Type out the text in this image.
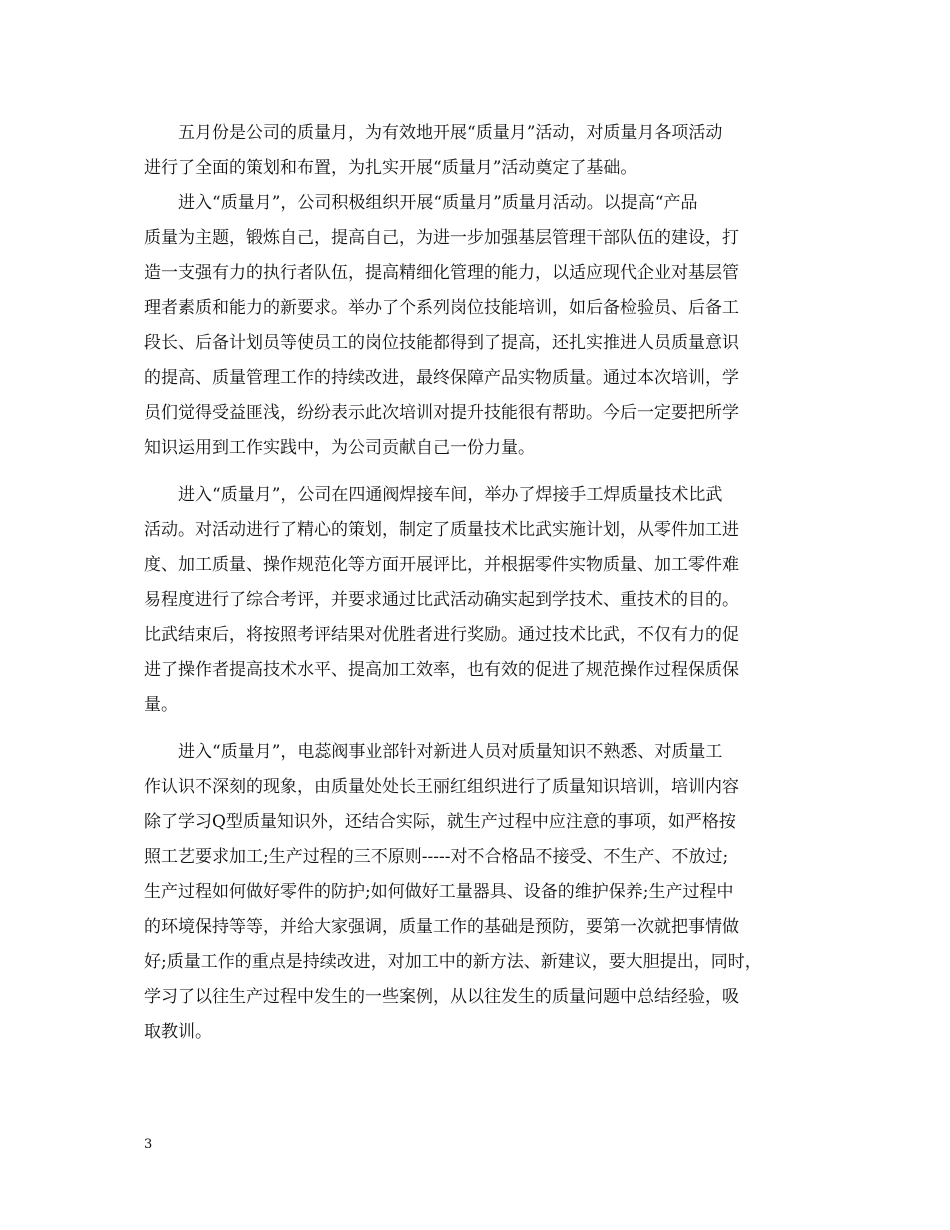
　　五月份是公司的质量月，为有效地开展“质量月”活动，对质量月各项活动
进行了全面的策划和布置，为扎实开展“质量月”活动奠定了基础。
　　进入“质量月”，公司积极组织开展“质量月”质量月活动。以提高“产品
质量为主题，锻炼自己，提高自己，为进一步加强基层管理干部队伍的建设，打
造一支强有力的执行者队伍，提高精细化管理的能力，以适应现代企业对基层管
理者素质和能力的新要求。举办了个系列岗位技能培训，如后备检验员、后备工
段长、后备计划员等使员工的岗位技能都得到了提高，还扎实推进人员质量意识
的提高、质量管理工作的持续改进，最终保障产品实物质量。通过本次培训，学
员们觉得受益匪浅，纷纷表示此次培训对提升技能很有帮助。今后一定要把所学
知识运用到工作实践中，为公司贡献自己一份力量。
　　进入“质量月”，公司在四通阀焊接车间，举办了焊接手工焊质量技术比武
活动。对活动进行了精心的策划，制定了质量技术比武实施计划，从零件加工进
度、加工质量、操作规范化等方面开展评比，并根据零件实物质量、加工零件难
易程度进行了综合考评，并要求通过比武活动确实起到学技术、重技术的目的。
比武结束后，将按照考评结果对优胜者进行奖励。通过技术比武，不仅有力的促
进了操作者提高技术水平、提高加工效率，也有效的促进了规范操作过程保质保
量。
　　进入“质量月”，电蕊阀事业部针对新进人员对质量知识不熟悉、对质量工
作认识不深刻的现象，由质量处处长王丽红组织进行了质量知识培训，培训内容
除了学习Q型质量知识外，还结合实际，就生产过程中应注意的事项，如严格按
照工艺要求加工;生产过程的三不原则-----对不合格品不接受、不生产、不放过;
生产过程如何做好零件的防护;如何做好工量器具、设备的维护保养;生产过程中
的环境保持等等，并给大家强调，质量工作的基础是预防，要第一次就把事情做
好;质量工作的重点是持续改进，对加工中的新方法、新建议，要大胆提出，同时，
学习了以往生产过程中发生的一些案例，从以往发生的质量问题中总结经验，吸
取教训。
3
